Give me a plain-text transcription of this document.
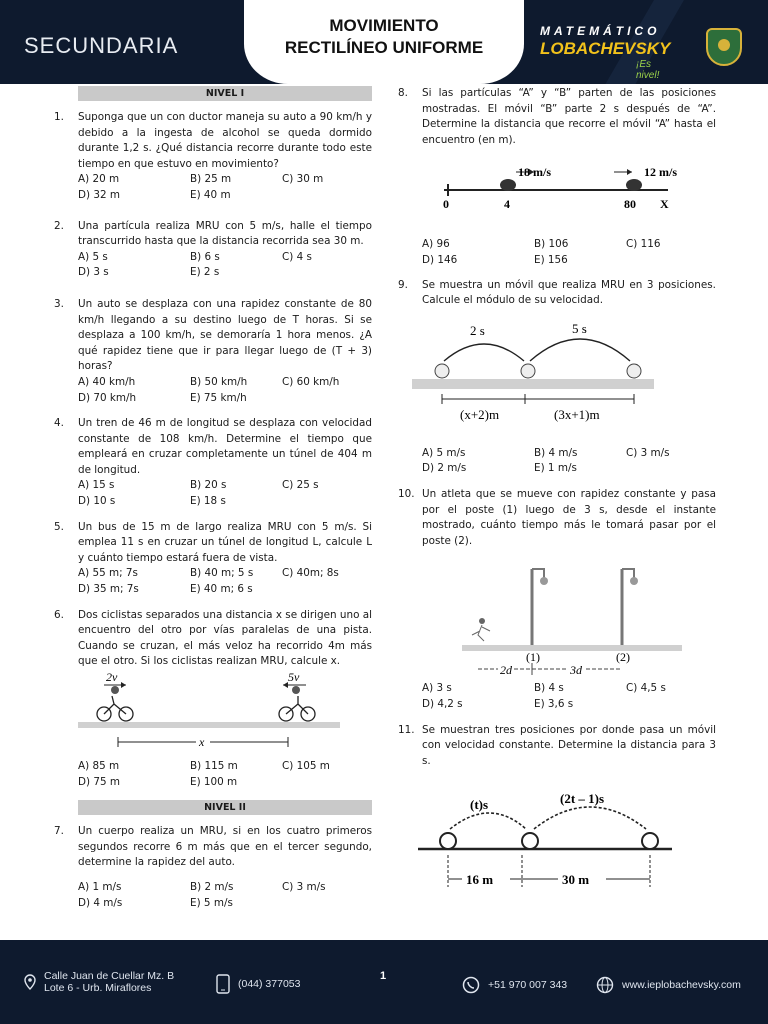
SECUNDARIA
MOVIMIENTO
RECTILÍNEO UNIFORME
MATEMÁTICO
LOBACHEVSKY
¡Es nivel!
NIVEL I
1. Suponga que un con ductor maneja su auto a 90 km/h y debido a la ingesta de alcohol se queda dormido durante 1,2 s. ¿Qué distancia recorre durante todo este tiempo en que estuvo en movimiento?
A) 20 m	B) 25 m	C) 30 m
D) 32 m	E) 40 m
2. Una partícula realiza MRU con 5 m/s, halle el tiempo transcurrido hasta que la distancia recorrida sea 30 m.
A) 5 s	B) 6 s	C) 4 s
D) 3 s	E) 2 s
3. Un auto se desplaza con una rapidez constante de 80 km/h llegando a su destino luego de T horas. Si se desplaza a 100 km/h, se demoraría 1 hora menos. ¿A qué rapidez tiene que ir para llegar luego de (T + 3) horas?
A) 40 km/h	B) 50 km/h	C) 60 km/h
D) 70 km/h	E) 75 km/h
4. Un tren de 46 m de longitud se desplaza con velocidad constante de 108 km/h. Determine el tiempo que empleará en cruzar completamente un túnel de 404 m de longitud.
A) 15 s	B) 20 s	C) 25 s
D) 10 s	E) 18 s
5. Un bus de 15 m de largo realiza MRU con 5 m/s. Si emplea 11 s en cruzar un túnel de longitud L, calcule L y cuánto tiempo estará fuera de vista.
A) 55 m; 7s	B) 40 m; 5 s	C) 40m; 8s
D) 35 m; 7s	E) 40 m; 6 s
6. Dos ciclistas separados una distancia x se dirigen uno al encuentro del otro por vías paralelas de una pista. Cuando se cruzan, el más veloz ha recorrido 4m más que el otro. Si los ciclistas realizan MRU, calcule x.
2v	5v
x
A) 85 m	B) 115 m	C) 105 m
D) 75 m	E) 100 m
NIVEL II
7. Un cuerpo realiza un MRU, si en los cuatro primeros segundos recorre 6 m más que en el tercer segundo, determine la rapidez del auto.
A) 1 m/s	B) 2 m/s	C) 3 m/s
D) 4 m/s	E) 5 m/s
8. Si las partículas “A” y “B” parten de las posiciones mostradas. El móvil “B” parte 2 s después de “A”. Determine la distancia que recorre el móvil “A” hasta el encuentro (en m).
18 m/s	12 m/s
0	4	80 X
A) 96	B) 106	C) 116
D) 146	E) 156
9. Se muestra un móvil que realiza MRU en 3 posiciones. Calcule el módulo de su velocidad.
2 s	5 s
(x+2)m	(3x+1)m
A) 5 m/s	B) 4 m/s	C) 3 m/s
D) 2 m/s	E) 1 m/s
10. Un atleta que se mueve con rapidez constante y pasa por el poste (1) luego de 3 s, desde el instante mostrado, cuánto tiempo más le tomará pasar por el poste (2).
(1)	(2)
2d	3d
A) 3 s	B) 4 s	C) 4,5 s
D) 4,2 s	E) 3,6 s
11. Se muestran tres posiciones por donde pasa un móvil con velocidad constante. Determine la distancia para 3 s.
(t)s	(2t – 1)s
16 m	30 m
Calle Juan de Cuellar Mz. B
Lote 6 - Urb. Miraflores	(044) 377053
1
+51 970 007 343	www.ieplobachevsky.com
